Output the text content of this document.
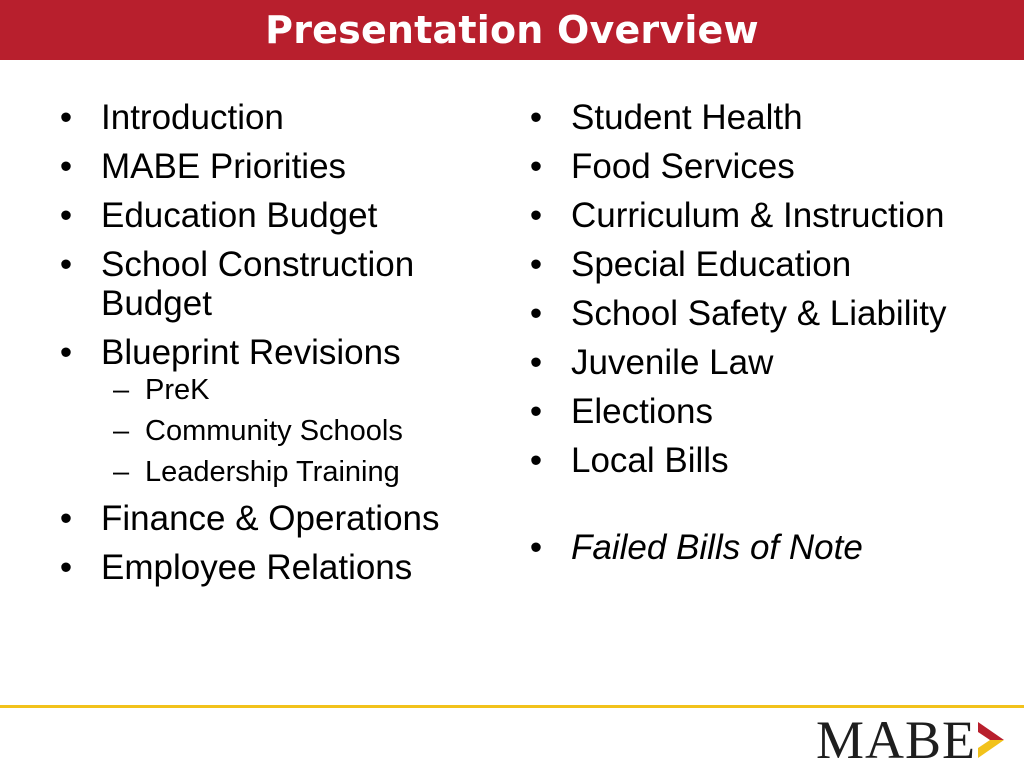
Presentation Overview
• Introduction
• MABE Priorities
• Education Budget
• School Construction Budget
• Blueprint Revisions
– PreK
– Community Schools
– Leadership Training
• Finance & Operations
• Employee Relations
• Student Health
• Food Services
• Curriculum & Instruction
• Special Education
• School Safety & Liability
• Juvenile Law
• Elections
• Local Bills
• Failed Bills of Note
MABE
